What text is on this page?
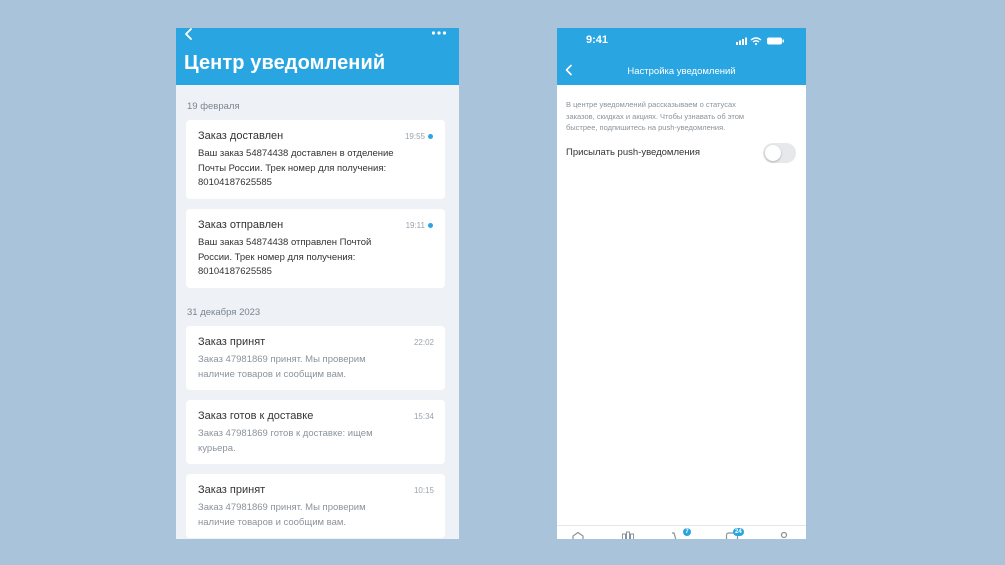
Центр уведомлений
19 февраля
Заказ доставлен	19:55
Ваш заказ 54874438 доставлен в отделение
Почты России. Трек номер для получения:
80104187625585
Заказ отправлен	19:11
Ваш заказ 54874438 отправлен Почтой
России. Трек номер для получения:
80104187625585
31 декабря 2023
Заказ принят	22:02
Заказ 47981869 принят. Мы проверим
наличие товаров и сообщим вам.
Заказ готов к доставке	15:34
Заказ 47981869 готов к доставке: ищем
курьера.
Заказ принят	10:15
Заказ 47981869 принят. Мы проверим
наличие товаров и сообщим вам.
9:41
Настройка уведомлений
В центре уведомлений рассказываем о статусах
заказов, скидках и акциях. Чтобы узнавать об этом
быстрее, подпишитесь на push-уведомления.
Присылать push-уведомления
7	24
